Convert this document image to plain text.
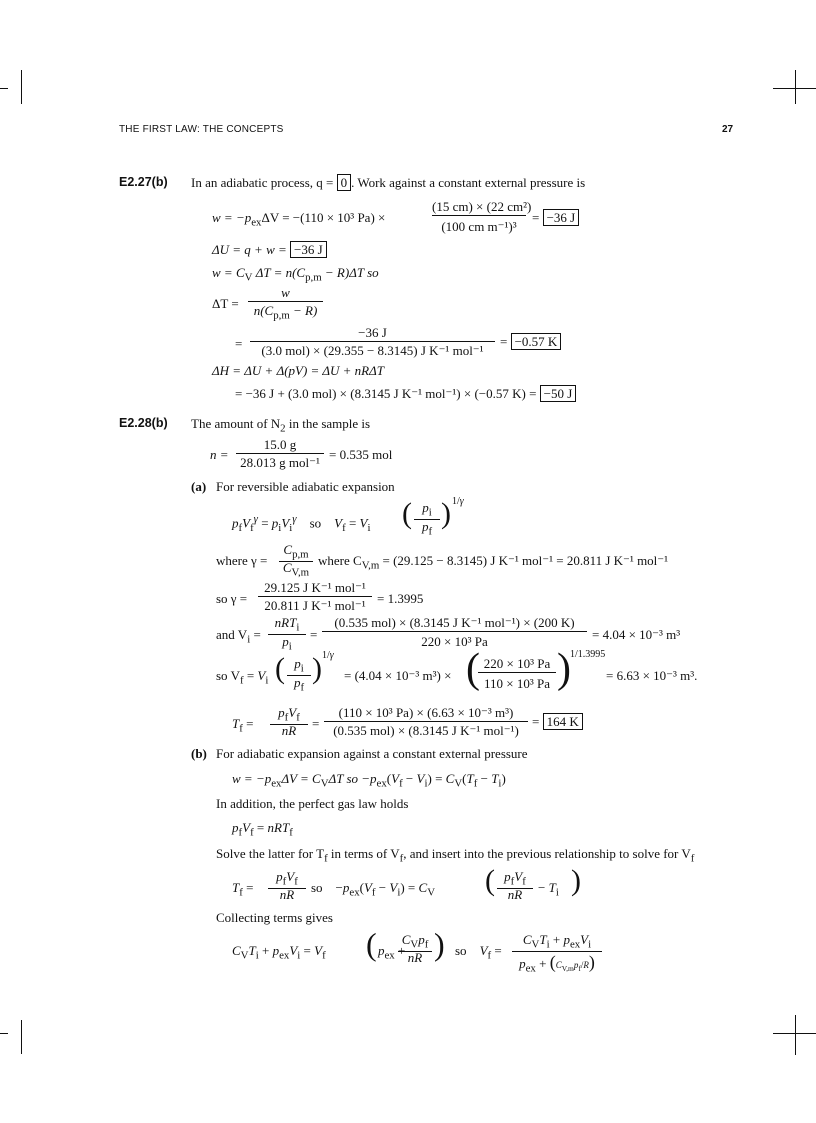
THE FIRST LAW: THE CONCEPTS	27
E2.27(b) In an adiabatic process, q = 0 . Work against a constant external pressure is
$w = -p_{ex}\Delta V = -(110 \times 10^3$ Pa) ×
(15 cm) × (22 cm²)
(100 cm m⁻¹)³
= −36 J
ΔU = q + w = −36 J
$w = C_V$ $\Delta T = n(C_{p,m} - R)\Delta T$ so
ΔT =
w
$n(C_{p,m} - R)$
=
−36 J
(3.0 mol) × (29.355 − 8.3145) J K⁻¹ mol⁻¹
= −0.57 K
ΔH = ΔU + Δ(pV) = ΔU + nRΔT
= −36 J + (3.0 mol) × (8.3145 J K⁻¹ mol⁻¹) × (−0.57 K) = −50 J
E2.28(b) The amount of $N_2$ in the sample is
n =
15.0 g
28.013 g mol⁻¹
= 0.535 mol
(a) For reversible adiabatic expansion
$p_fV_f^\gamma = p_iV_i^\gamma$ so $V_f = V_i$ ( $p_i$
$p_f$
) 1/γ
where γ =
$C_{p,m}$
$C_{V,m}$
where $C_{V,m} = (29.125 - 8.3145)$ J K⁻¹ mol⁻¹ = 20.811 J K⁻¹ mol⁻¹
so γ =
29.125 J K⁻¹ mol⁻¹
20.811 J K⁻¹ mol⁻¹ = 1.3995
and $V_i$ =
nRT$_i$
$p_i$
=
(0.535 mol) × (8.3145 J K⁻¹ mol⁻¹) × (200 K)
220 × 10³ Pa	= 4.04 × 10⁻³ m³
so $V_f = V_i$ ( $p_i$
$p_f$
) 1/γ
= (4.04 × 10⁻³ m³) × ( 220 × 10³ Pa
110 × 10³ Pa ) 1/1.3995
= 6.63 × 10⁻³ m³.
$T_f$ =
$p_fV_f$
nR	=
(110 × 10³ Pa) × (6.63 × 10⁻³ m³)
(0.535 mol) × (8.3145 J K⁻¹ mol⁻¹)
= 164 K
(b) For adiabatic expansion against a constant external pressure
$w = -p_{ex}\Delta V = C_V\Delta T$ so $-p_{ex}(V_f - V_i) = C_V(T_f - T_i)$
In addition, the perfect gas law holds
$p_fV_f = nRT_f$
Solve the latter for $T_f$ in terms of $V_f$, and insert into the previous relationship to solve for $V_f$
$T_f$ =
$p_fV_f$
nR	so    $-p_{ex}(V_f - V_i) = C_V$ ( $p_fV_f$
nR	− $T_i$ )
Collecting terms gives
$C_VT_i + p_{ex}V_i = V_f$ ( $p_{ex}$ +
$C_Vp_f$
nR ) so    $V_f$ =
$C_VT_i + p_{ex}V_i$
$p_{ex} + (C_{V,m}p_f/R)$
